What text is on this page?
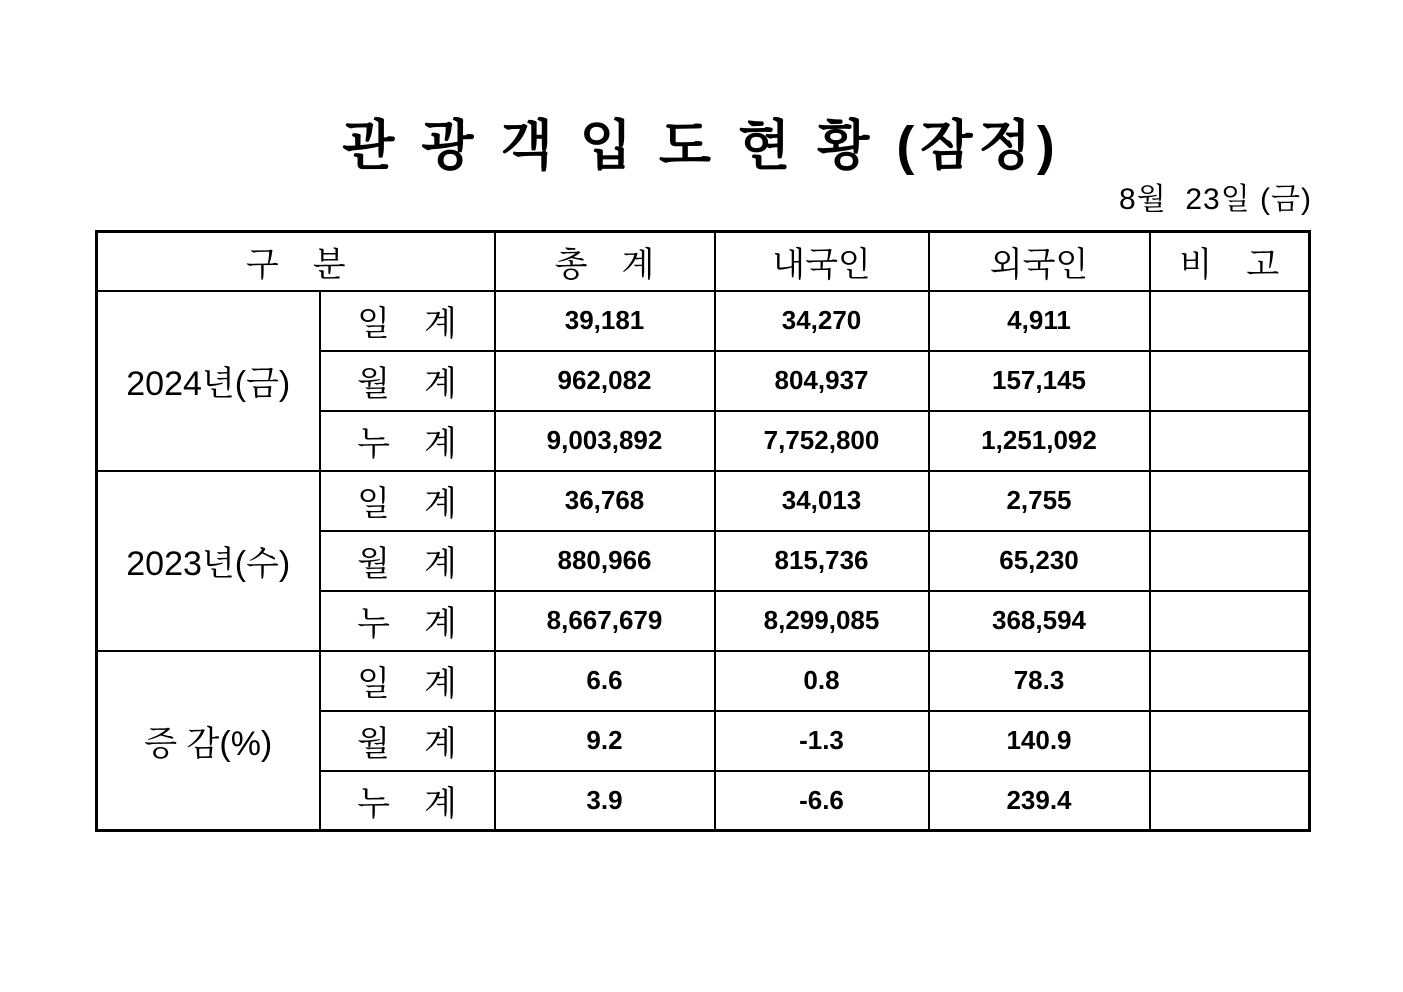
관 광 객 입 도 현 황 (잠정)
8월  23일 (금)
구　분		총　계	내국인	외국인	비　고
2024년(금)	일　계	39,181	34,270	4,911	
	월　계	962,082	804,937	157,145	
	누　계	9,003,892	7,752,800	1,251,092	
2023년(수)	일　계	36,768	34,013	2,755	
	월　계	880,966	815,736	65,230	
	누　계	8,667,679	8,299,085	368,594	
증 감(%)	일　계	6.6	0.8	78.3	
	월　계	9.2	-1.3	140.9	
	누　계	3.9	-6.6	239.4	
